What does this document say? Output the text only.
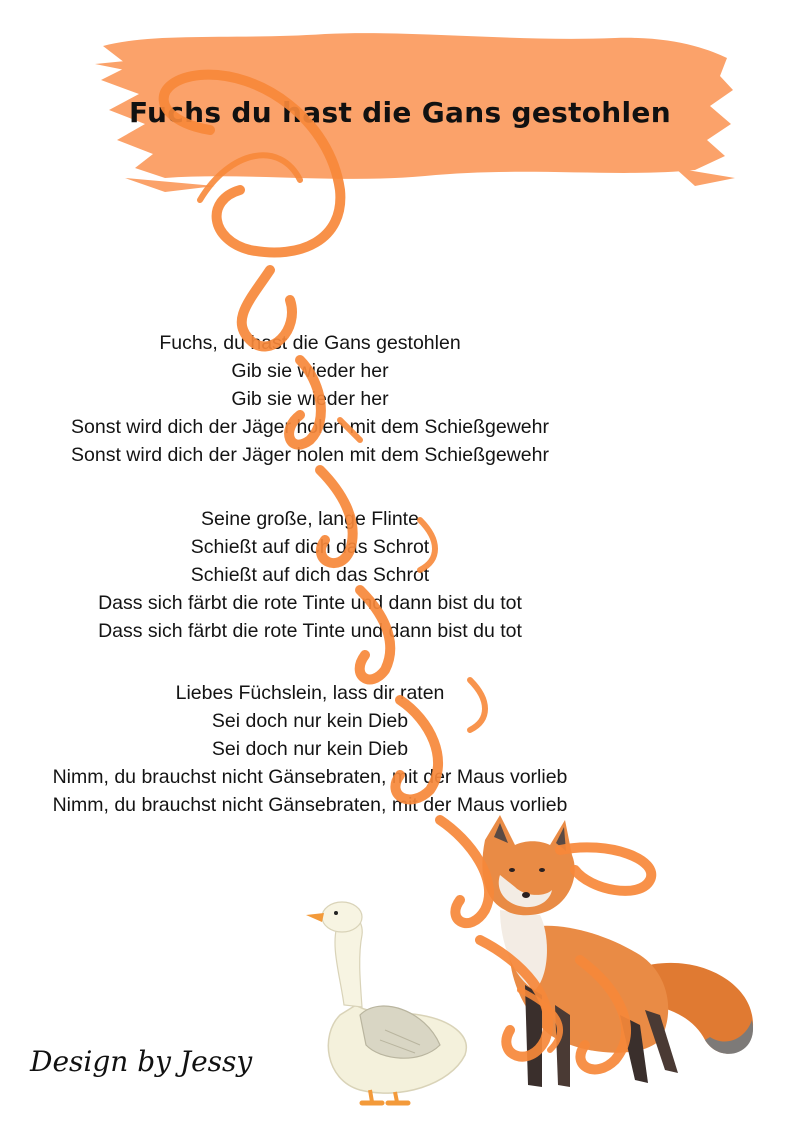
Fuchs du hast die Gans gestohlen
Fuchs, du hast die Gans gestohlen
Gib sie wieder her
Gib sie wieder her
Sonst wird dich der Jäger holen mit dem Schießgewehr
Sonst wird dich der Jäger holen mit dem Schießgewehr
Seine große, lange Flinte
Schießt auf dich das Schrot
Schießt auf dich das Schrot
Dass sich färbt die rote Tinte und dann bist du tot
Dass sich färbt die rote Tinte und dann bist du tot
Liebes Füchslein, lass dir raten
Sei doch nur kein Dieb
Sei doch nur kein Dieb
Nimm, du brauchst nicht Gänsebraten, mit der Maus vorlieb
Nimm, du brauchst nicht Gänsebraten, mit der Maus vorlieb
Design by Jessy
